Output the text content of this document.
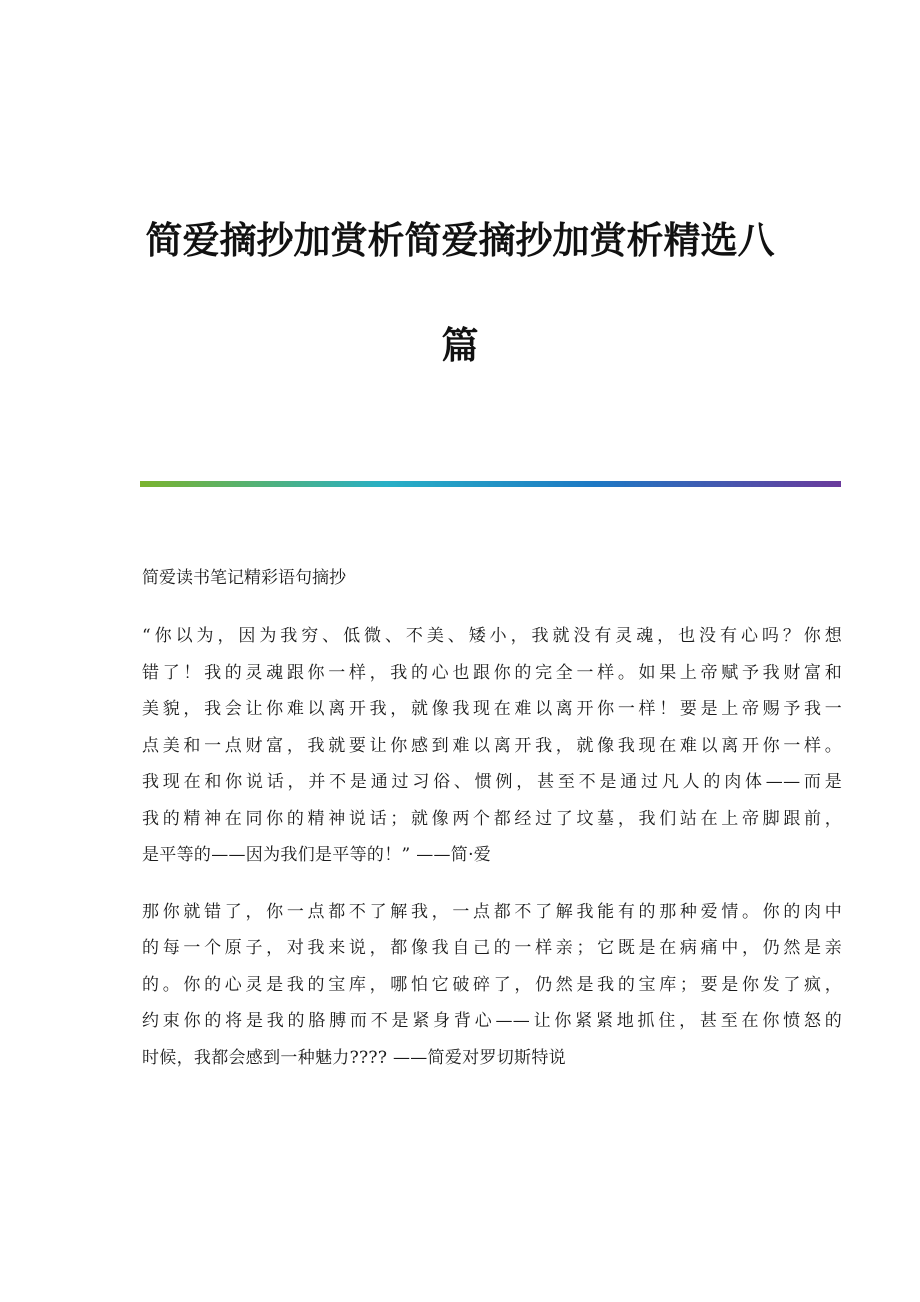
简爱摘抄加赏析简爱摘抄加赏析精选八
篇
简爱读书笔记精彩语句摘抄

“你以为，因为我穷、低微、不美、矮小，我就没有灵魂，也没有心吗？你想
错了！我的灵魂跟你一样，我的心也跟你的完全一样。如果上帝赋予我财富和
美貌，我会让你难以离开我，就像我现在难以离开你一样！要是上帝赐予我一
点美和一点财富，我就要让你感到难以离开我，就像我现在难以离开你一样。
我现在和你说话，并不是通过习俗、惯例，甚至不是通过凡人的肉体——而是
我的精神在同你的精神说话；就像两个都经过了坟墓，我们站在上帝脚跟前，
是平等的——因为我们是平等的！” ——简·爱

那你就错了，你一点都不了解我，一点都不了解我能有的那种爱情。你的肉中
的每一个原子，对我来说，都像我自己的一样亲；它既是在病痛中，仍然是亲
的。你的心灵是我的宝库，哪怕它破碎了，仍然是我的宝库；要是你发了疯，
约束你的将是我的胳膊而不是紧身背心——让你紧紧地抓住，甚至在你愤怒的
时候，我都会感到一种魅力???? ——简爱对罗切斯特说
